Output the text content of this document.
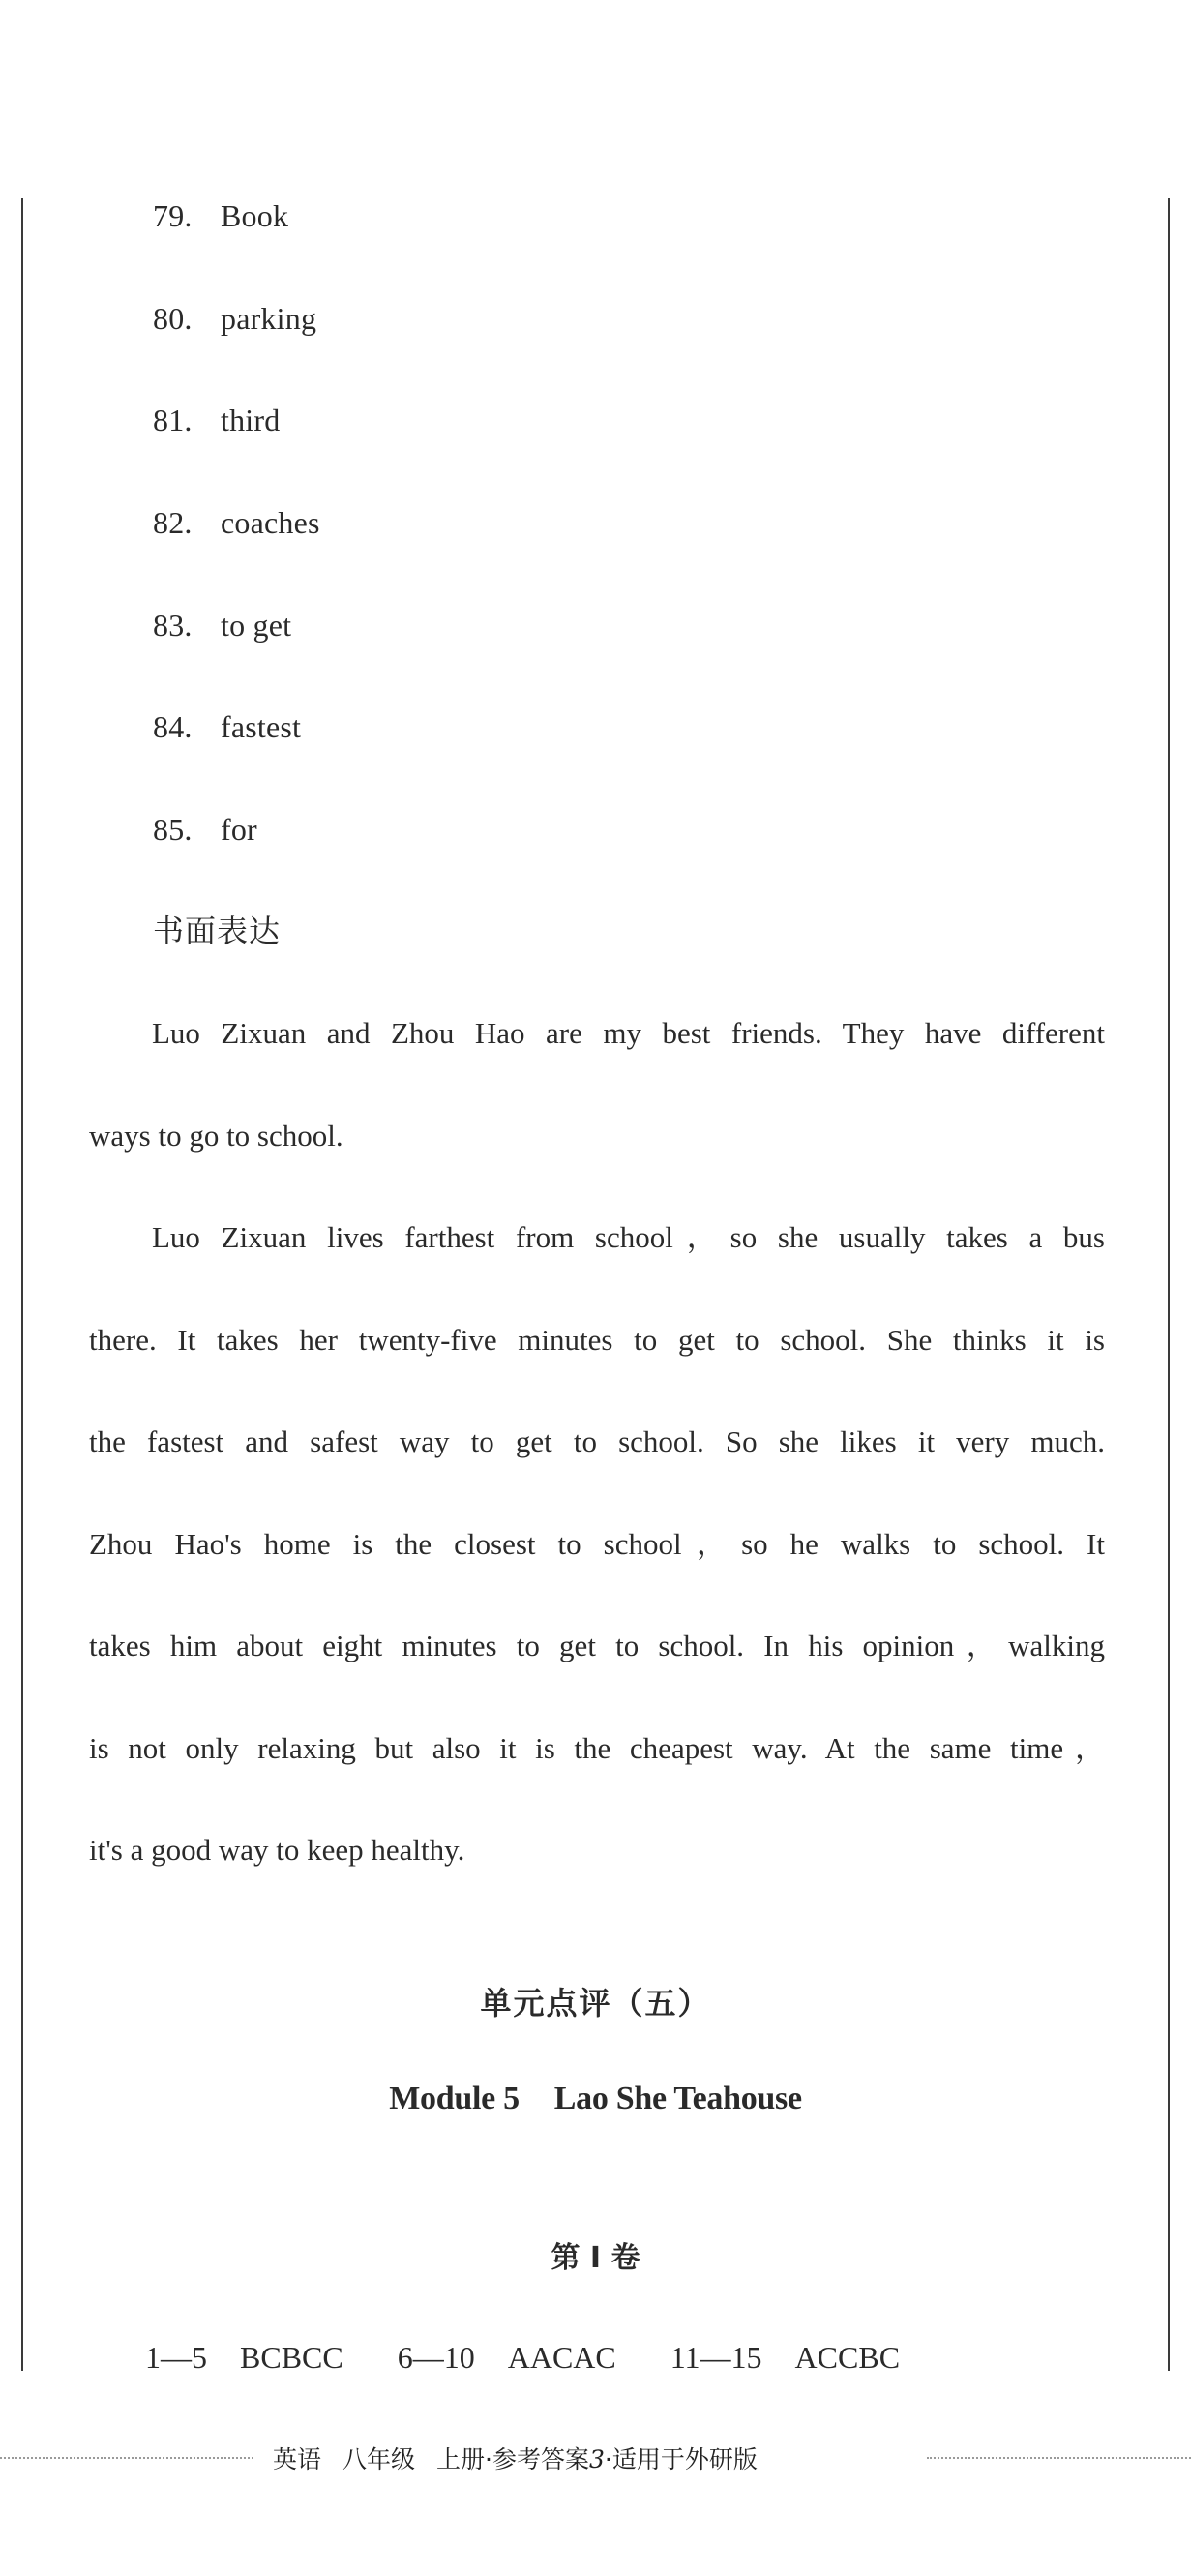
79. Book
80. parking
81. third
82. coaches
83. to get
84. fastest
85. for
书面表达
Luo Zixuan and Zhou Hao are my best friends. They have different
ways to go to school.
Luo Zixuan lives farthest from school，so she usually takes a bus
there. It takes her twenty-five minutes to get to school. She thinks it is
the fastest and safest way to get to school. So she likes it very much.
Zhou Hao's home is the closest to school，so he walks to school. It
takes him about eight minutes to get to school. In his opinion，walking
is not only relaxing but also it is the cheapest way. At the same time，
it's a good way to keep healthy.
单元点评（五）
Module 5 Lao She Teahouse
第 I 卷
1—5 BCBCC 6—10 AACAC 11—15 ACCBC
英语 八年级 上册·参考答案3·适用于外研版
